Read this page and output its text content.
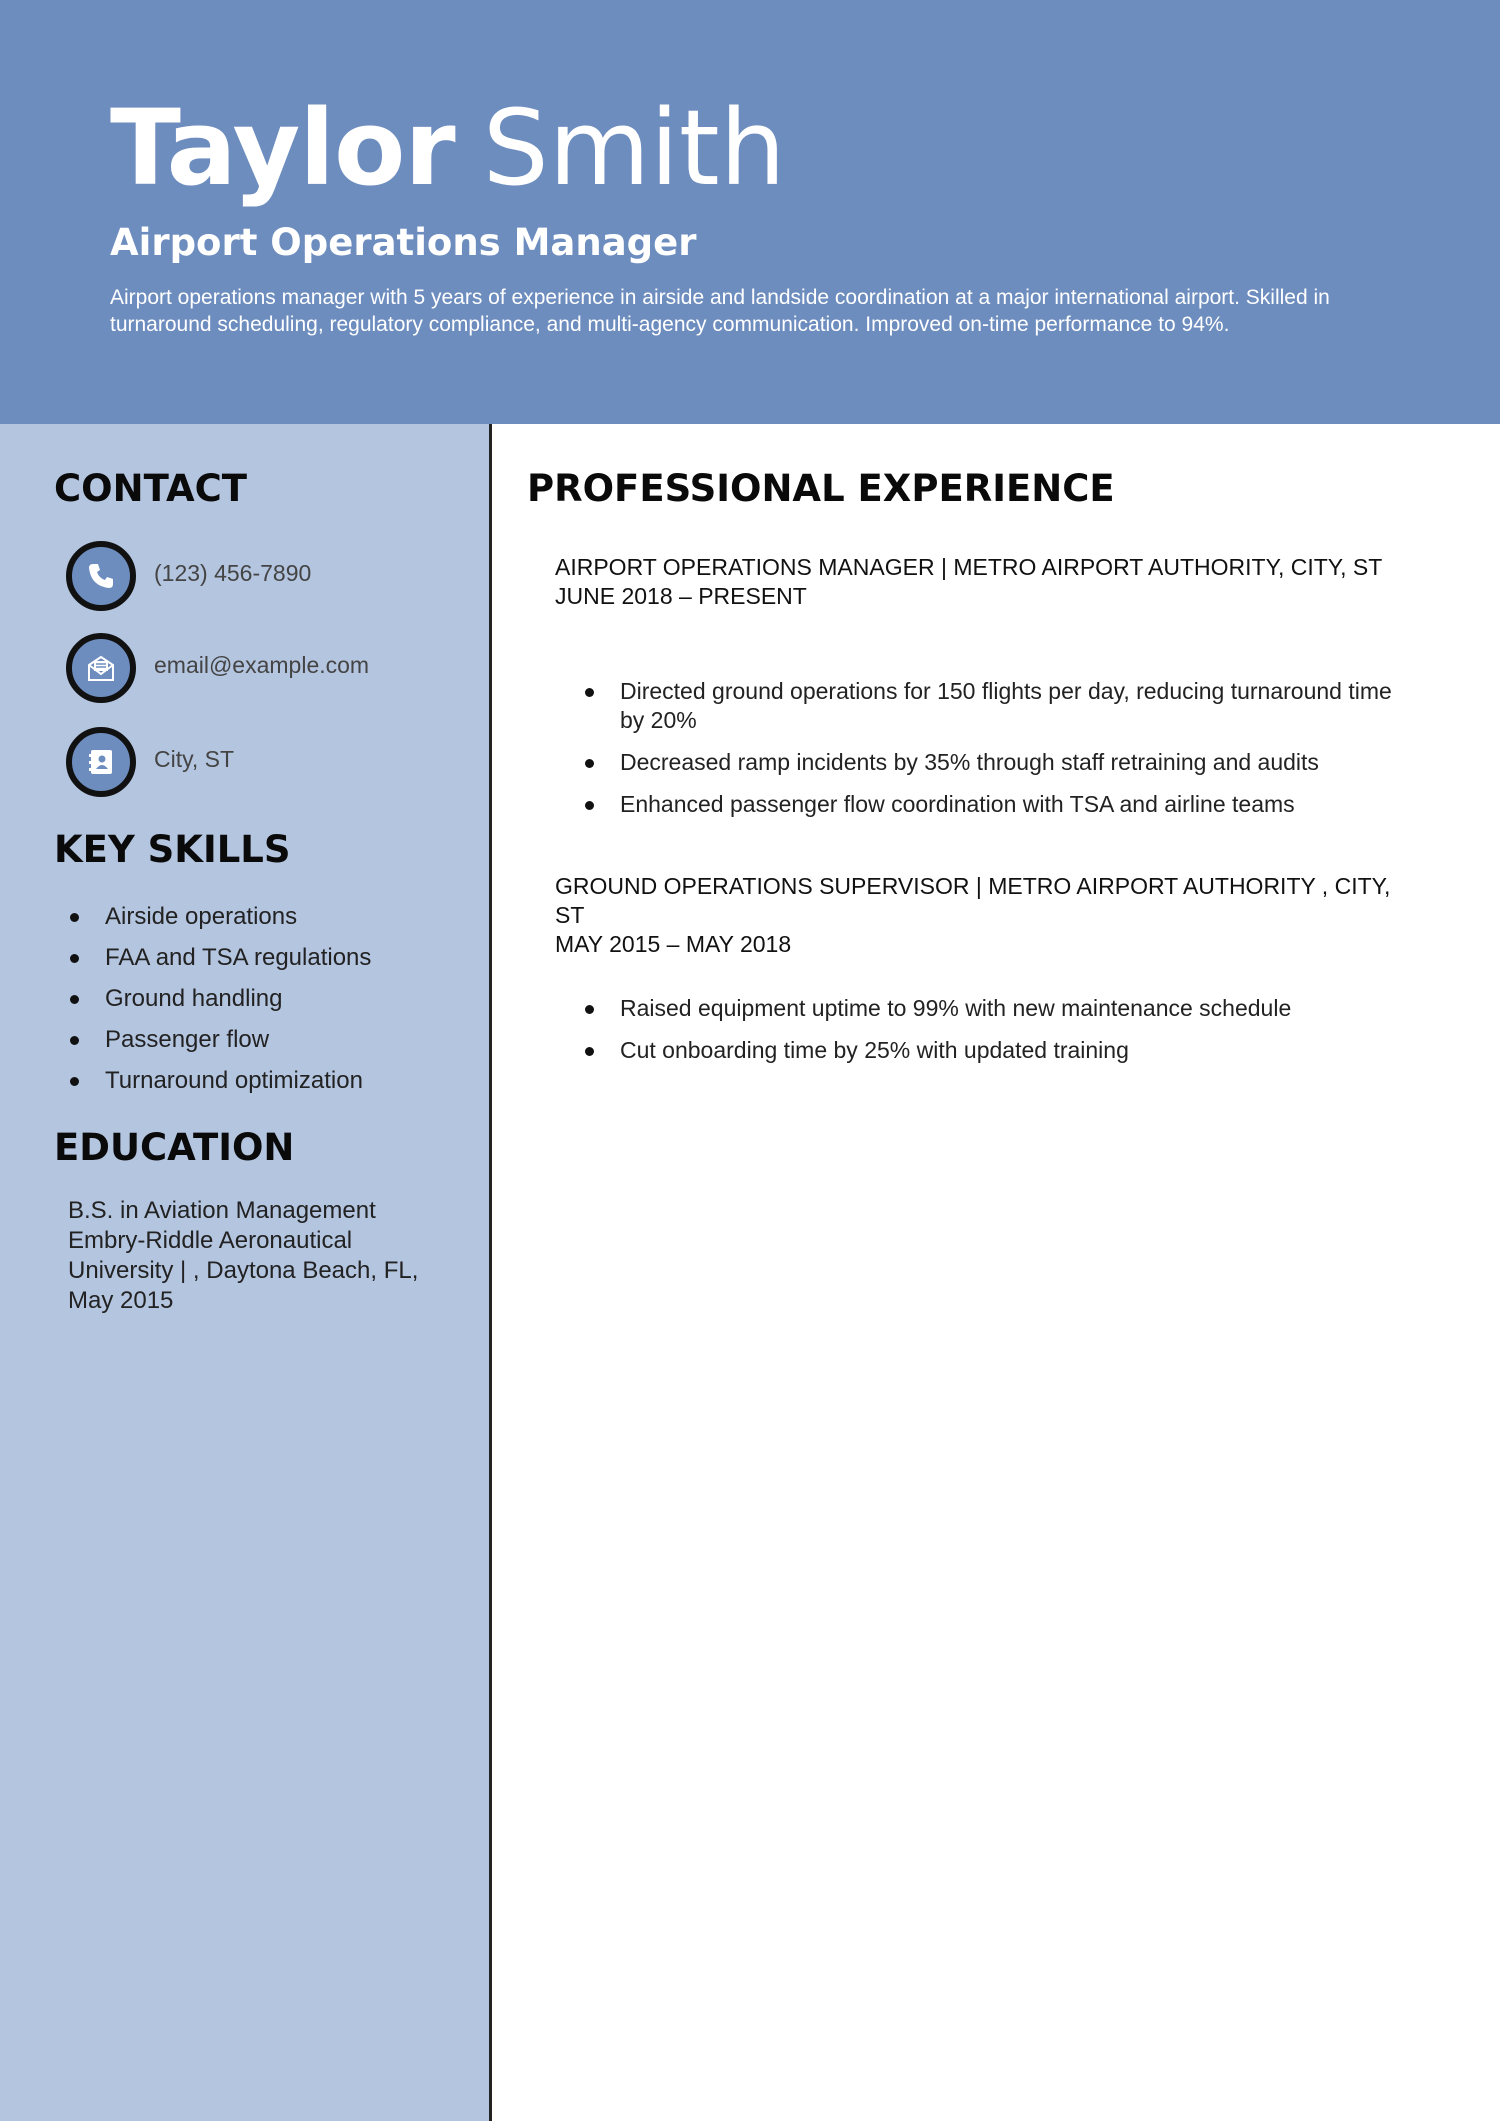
Taylor Smith
Airport Operations Manager
Airport operations manager with 5 years of experience in airside and landside coordination at a major international airport. Skilled in turnaround scheduling, regulatory compliance, and multi-agency communication. Improved on-time performance to 94%.
CONTACT
(123) 456-7890
email@example.com
City, ST
KEY SKILLS
Airside operations
FAA and TSA regulations
Ground handling
Passenger flow
Turnaround optimization
EDUCATION
B.S. in Aviation Management Embry-Riddle Aeronautical University | , Daytona Beach, FL, May 2015
PROFESSIONAL EXPERIENCE
AIRPORT OPERATIONS MANAGER | METRO AIRPORT AUTHORITY, CITY, ST
JUNE 2018 – PRESENT
Directed ground operations for 150 flights per day, reducing turnaround time by 20%
Decreased ramp incidents by 35% through staff retraining and audits
Enhanced passenger flow coordination with TSA and airline teams
GROUND OPERATIONS SUPERVISOR | METRO AIRPORT AUTHORITY , CITY, ST
MAY 2015 – MAY 2018
Raised equipment uptime to 99% with new maintenance schedule
Cut onboarding time by 25% with updated training
